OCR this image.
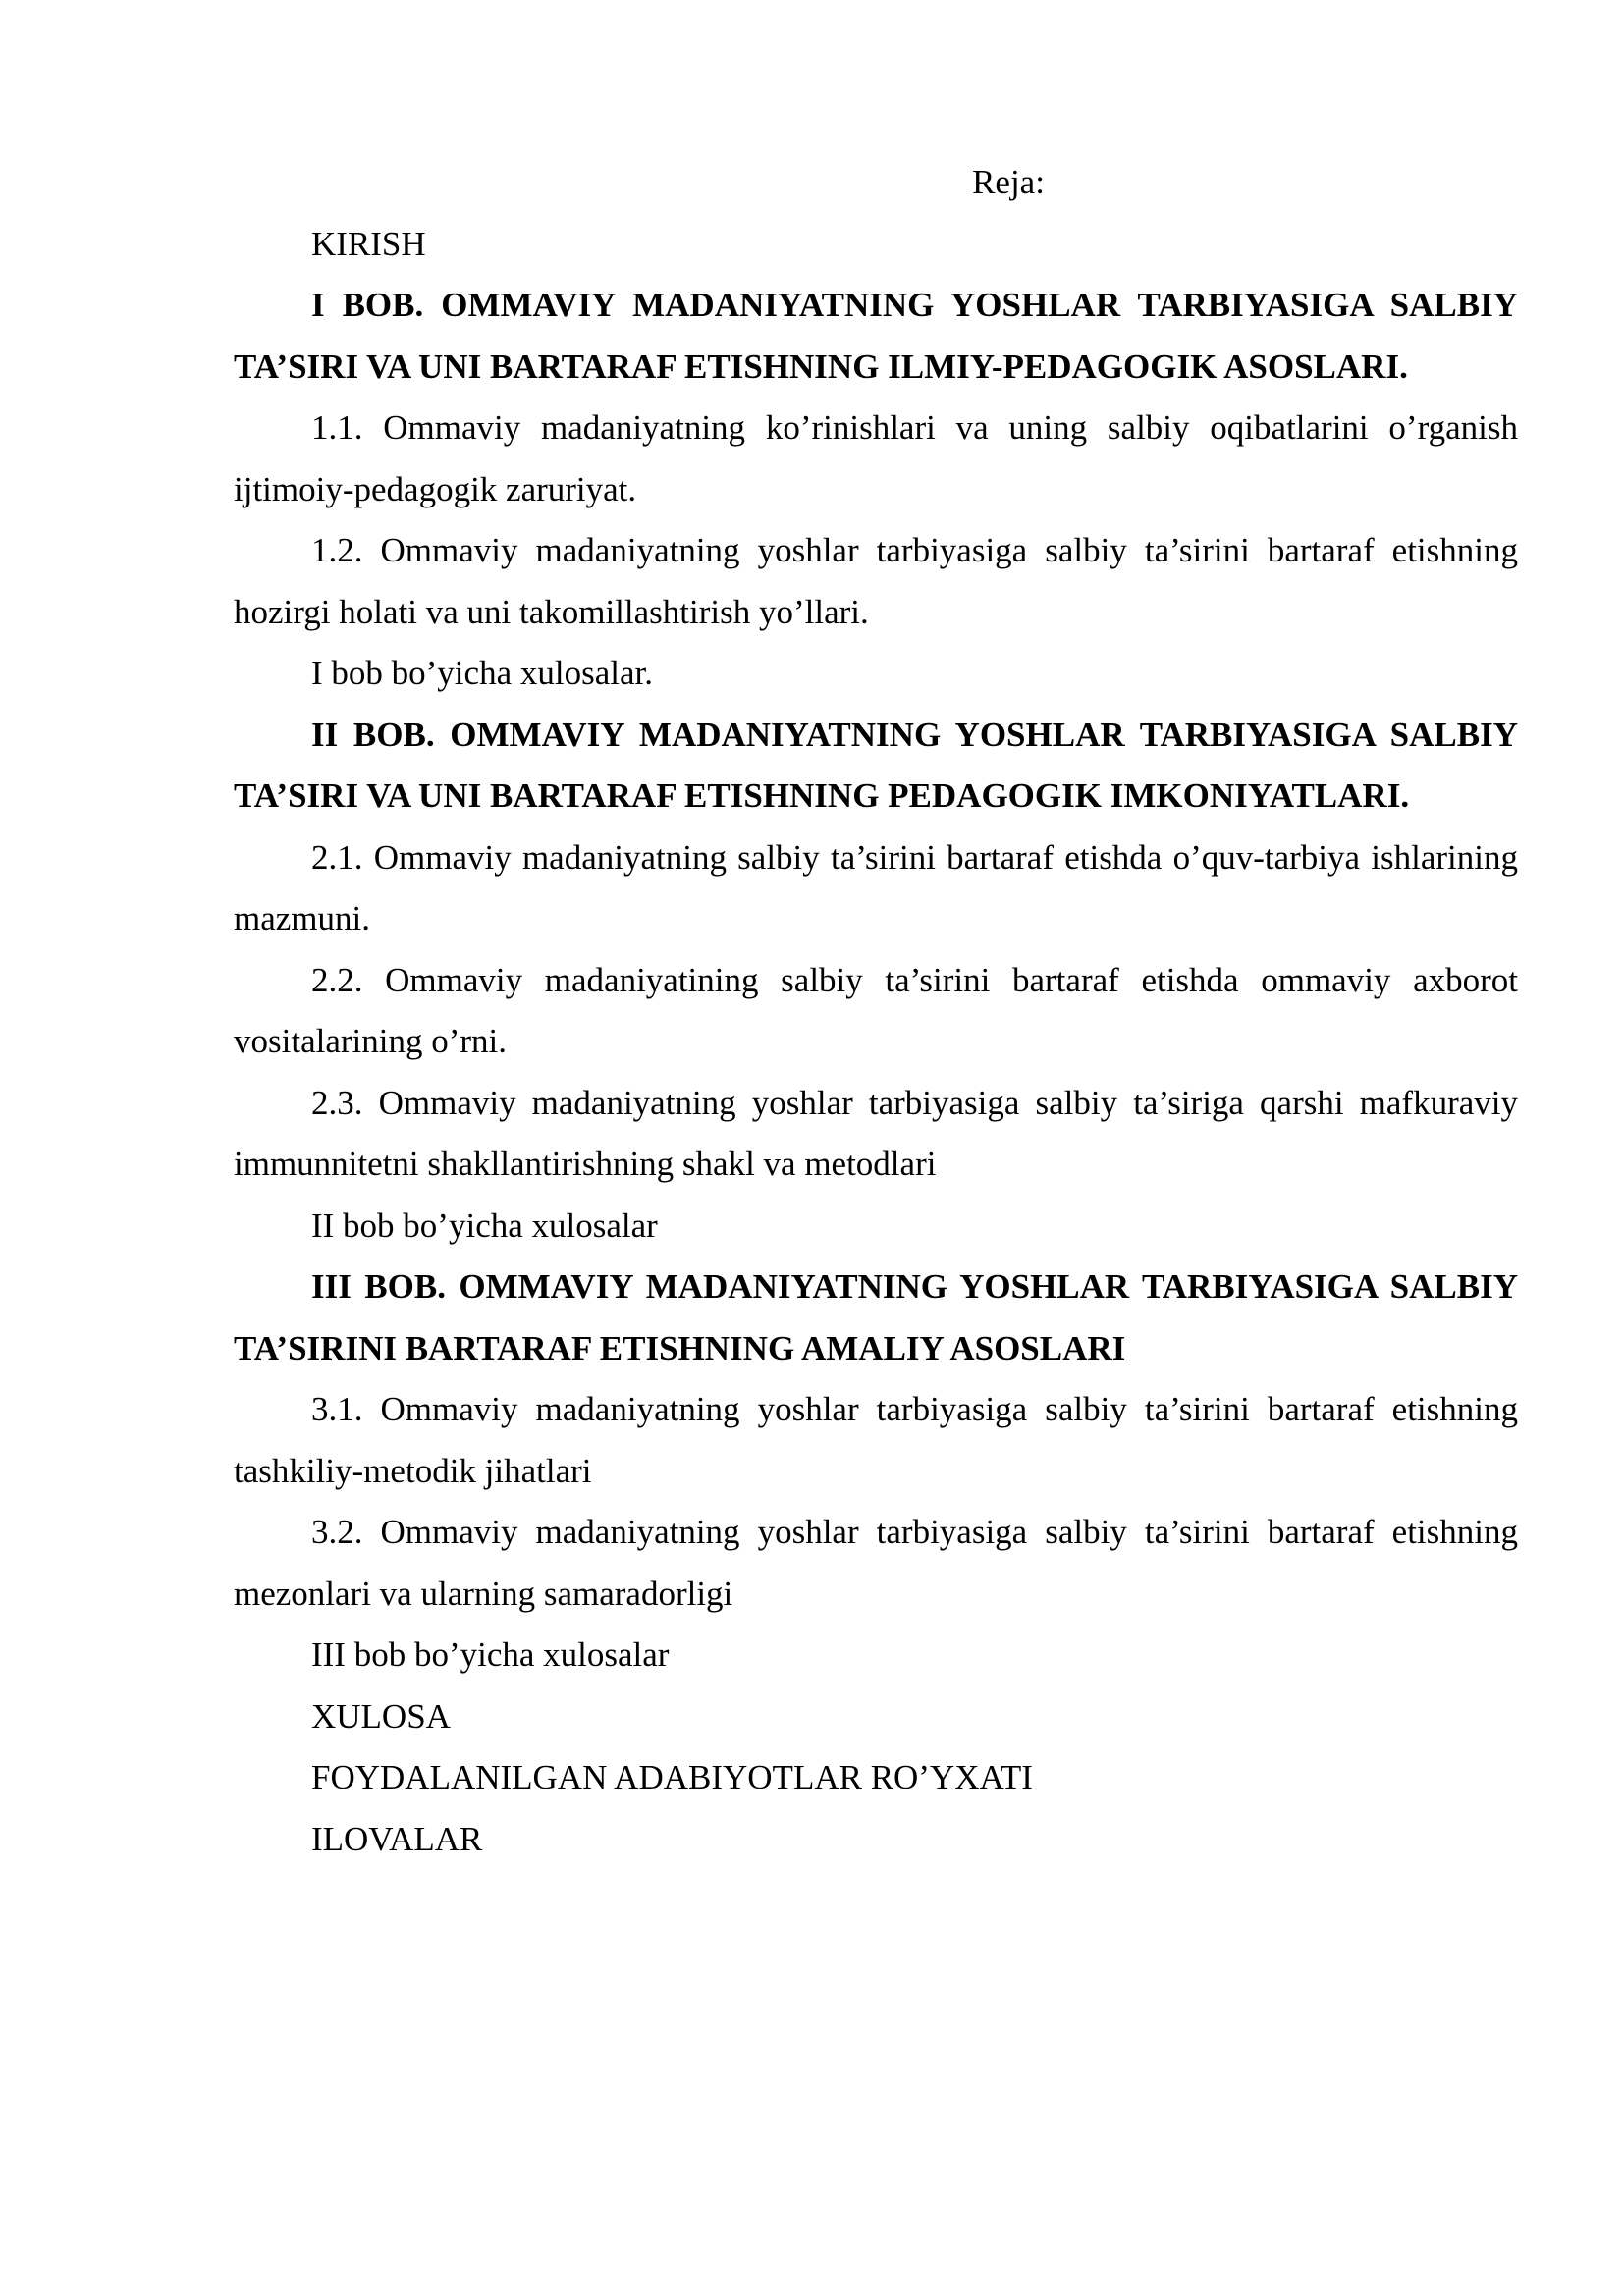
Reja:

KIRISH

I BOB. OMMAVIY MADANIYATNING YOSHLAR TARBIYASIGA SALBIY TA’SIRI VA UNI BARTARAF ETISHNING ILMIY-PEDAGOGIK ASOSLARI.

1.1. Ommaviy madaniyatning ko’rinishlari va uning salbiy oqibatlarini o’rganish ijtimoiy-pedagogik zaruriyat.

1.2. Ommaviy madaniyatning yoshlar tarbiyasiga salbiy ta’sirini bartaraf etishning hozirgi holati va uni takomillashtirish yo’llari.

I bob bo’yicha xulosalar.

II BOB. OMMAVIY MADANIYATNING YOSHLAR TARBIYASIGA SALBIY TA’SIRI VA UNI BARTARAF ETISHNING PEDAGOGIK IMKONIYATLARI.

2.1. Ommaviy madaniyatning salbiy ta’sirini bartaraf etishda o’quv-tarbiya ishlarining mazmuni.

2.2. Ommaviy madaniyatining salbiy ta’sirini bartaraf etishda ommaviy axborot vositalarining o’rni.

2.3. Ommaviy madaniyatning yoshlar tarbiyasiga salbiy ta’siriga qarshi mafkuraviy immunnitetni shakllantirishning shakl va metodlari

II bob bo’yicha xulosalar

III BOB. OMMAVIY MADANIYATNING YOSHLAR TARBIYASIGA SALBIY TA’SIRINI BARTARAF ETISHNING AMALIY ASOSLARI

3.1. Ommaviy madaniyatning yoshlar tarbiyasiga salbiy ta’sirini bartaraf etishning tashkiliy-metodik jihatlari

3.2. Ommaviy madaniyatning yoshlar tarbiyasiga salbiy ta’sirini bartaraf etishning mezonlari va ularning samaradorligi

III bob bo’yicha xulosalar

XULOSA

FOYDALANILGAN ADABIYOTLAR RO’YXATI

ILOVALAR
